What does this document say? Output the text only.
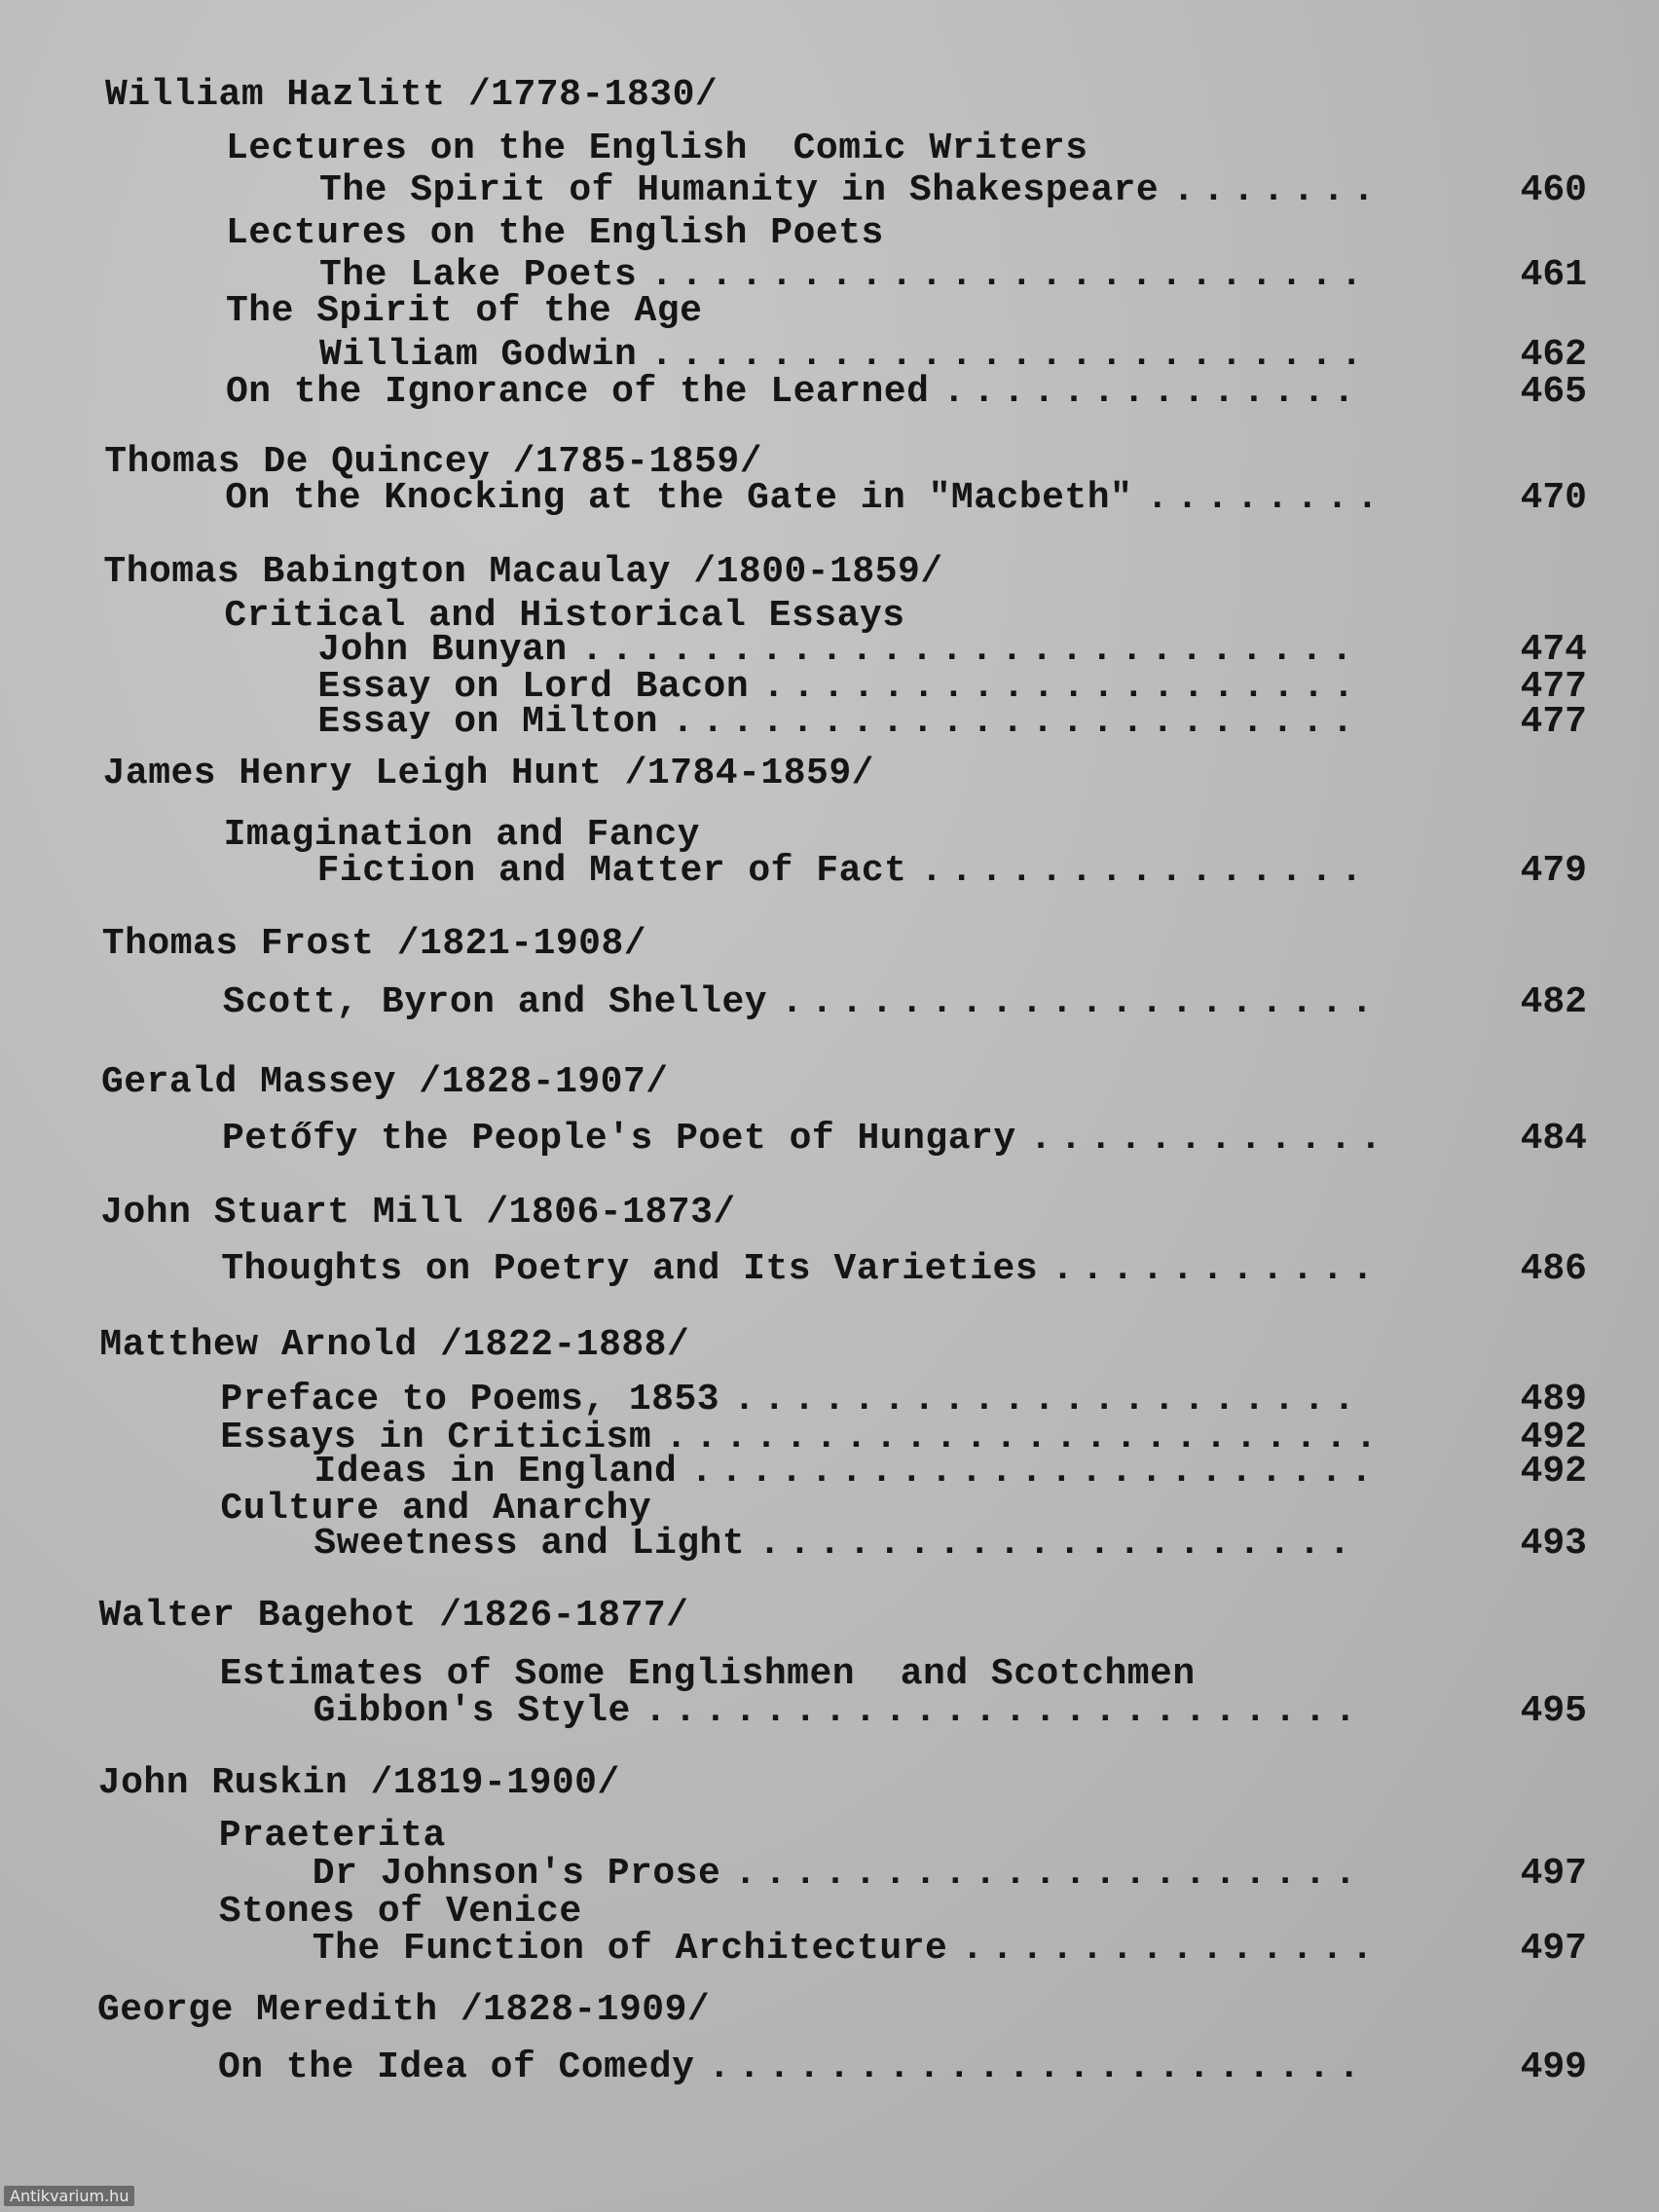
William Hazlitt /1778-1830/
Lectures on the English  Comic Writers
The Spirit of Humanity in Shakespeare .......	460
Lectures on the English Poets
The Lake Poets ........................	461
The Spirit of the Age
William Godwin ........................	462
On the Ignorance of the Learned ..............	465
Thomas De Quincey /1785-1859/
On the Knocking at the Gate in "Macbeth" ........	470
Thomas Babington Macaulay /1800-1859/
Critical and Historical Essays
John Bunyan ..........................	474
Essay on Lord Bacon ....................	477
Essay on Milton .......................	477
James Henry Leigh Hunt /1784-1859/
Imagination and Fancy
Fiction and Matter of Fact ...............	479
Thomas Frost /1821-1908/
Scott, Byron and Shelley ....................	482
Gerald Massey /1828-1907/
Petőfy the People's Poet of Hungary ............	484
John Stuart Mill /1806-1873/
Thoughts on Poetry and Its Varieties ...........	486
Matthew Arnold /1822-1888/
Preface to Poems, 1853 .....................	489
Essays in Criticism ........................	492
Ideas in England .......................	492
Culture and Anarchy
Sweetness and Light ....................	493
Walter Bagehot /1826-1877/
Estimates of Some Englishmen  and Scotchmen
Gibbon's Style ........................	495
John Ruskin /1819-1900/
Praeterita
Dr Johnson's Prose .....................	497
Stones of Venice
The Function of Architecture ..............	497
George Meredith /1828-1909/
On the Idea of Comedy ......................	499
Antikvarium.hu
